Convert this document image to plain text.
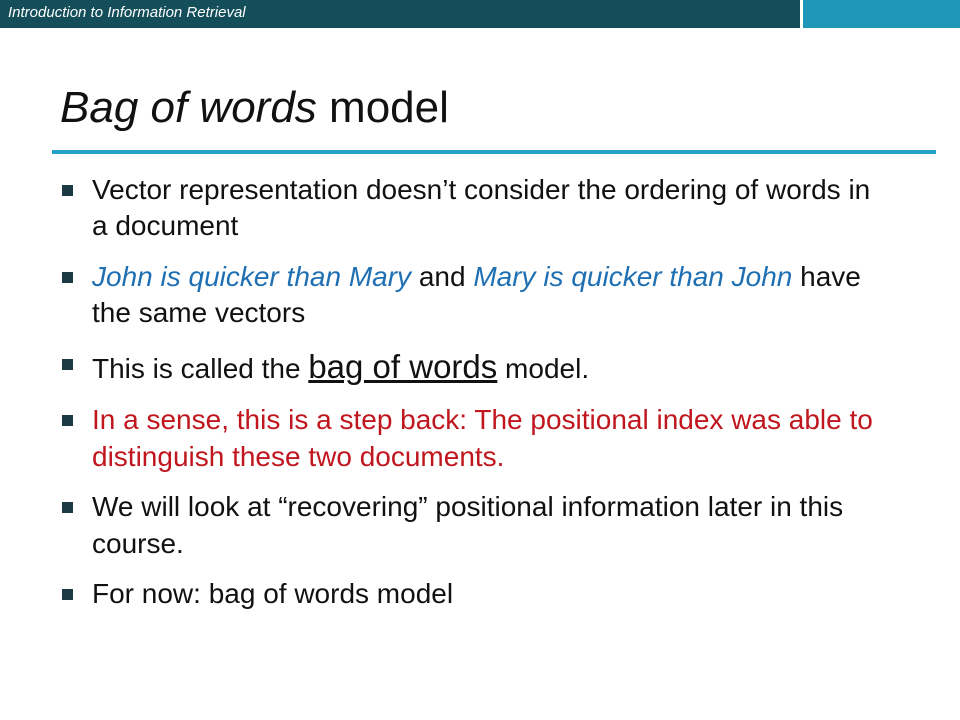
Introduction to Information Retrieval
Bag of words model
Vector representation doesn’t consider the ordering of words in a document
John is quicker than Mary and Mary is quicker than John have the same vectors
This is called the bag of words model.
In a sense, this is a step back: The positional index was able to distinguish these two documents.
We will look at “recovering” positional information later in this course.
For now: bag of words model
